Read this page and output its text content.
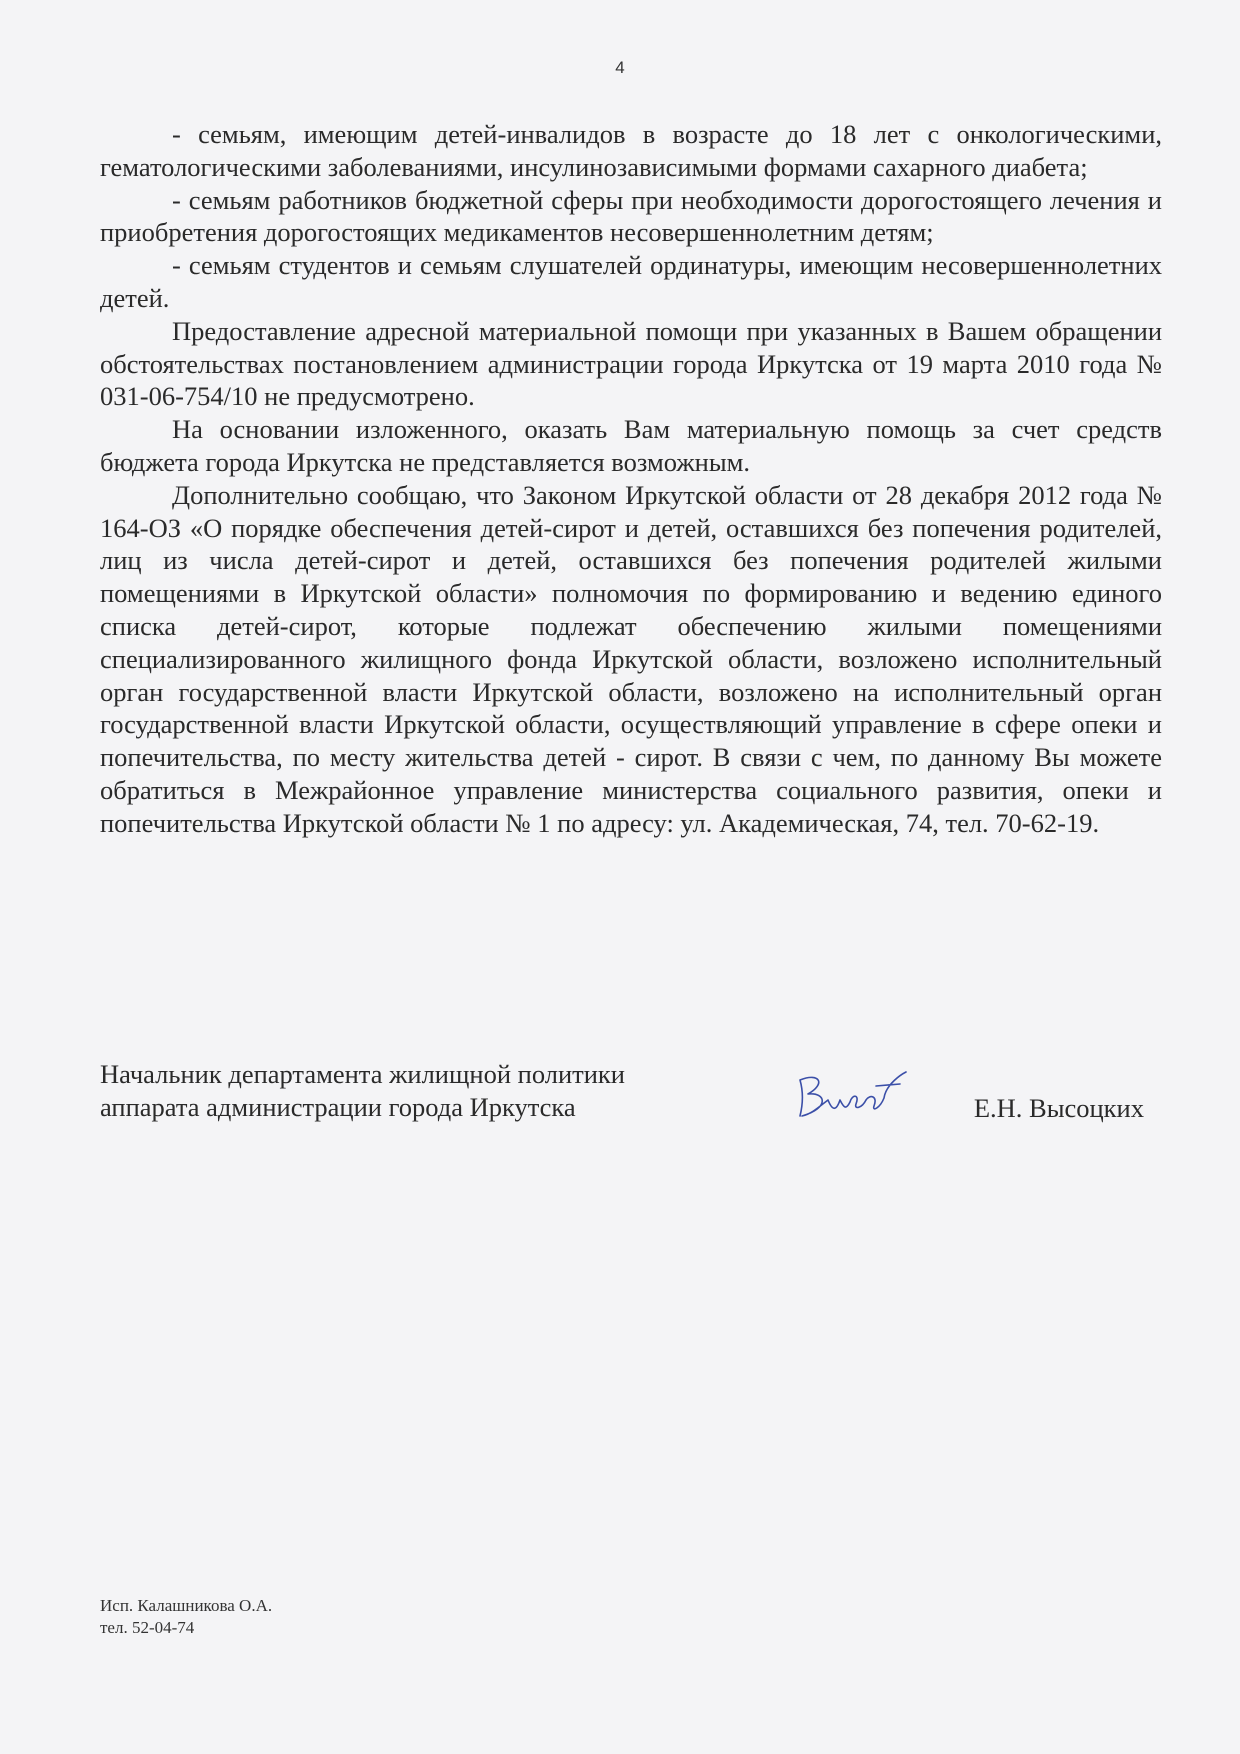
4

- семьям, имеющим детей-инвалидов в возрасте до 18 лет с онкологическими, гематологическими заболеваниями, инсулинозависимыми формами сахарного диабета;

- семьям работников бюджетной сферы при необходимости дорогостоящего лечения и приобретения дорогостоящих медикаментов несовершеннолетним детям;

- семьям студентов и семьям слушателей ординатуры, имеющим несовершеннолетних детей.

Предоставление адресной материальной помощи при указанных в Вашем обращении обстоятельствах постановлением администрации города Иркутска от 19 марта 2010 года № 031-06-754/10 не предусмотрено.

На основании изложенного, оказать Вам материальную помощь за счет средств бюджета города Иркутска не представляется возможным.

Дополнительно сообщаю, что Законом Иркутской области от 28 декабря 2012 года № 164-ОЗ «О порядке обеспечения детей-сирот и детей, оставшихся без попечения родителей, лиц из числа детей-сирот и детей, оставшихся без попечения родителей жилыми помещениями в Иркутской области» полномочия по формированию и ведению единого списка детей-сирот, которые подлежат обеспечению жилыми помещениями специализированного жилищного фонда Иркутской области, возложено исполнительный орган государственной власти Иркутской области, возложено на исполнительный орган государственной власти Иркутской области, осуществляющий управление в сфере опеки и попечительства, по месту жительства детей - сирот. В связи с чем, по данному Вы можете обратиться в Межрайонное управление министерства социального развития, опеки и попечительства Иркутской области № 1 по адресу: ул. Академическая, 74, тел. 70-62-19.

Начальник департамента жилищной политики
аппарата администрации города Иркутска	Е.Н. Высоцких
Исп. Калашникова О.А.
тел. 52-04-74
